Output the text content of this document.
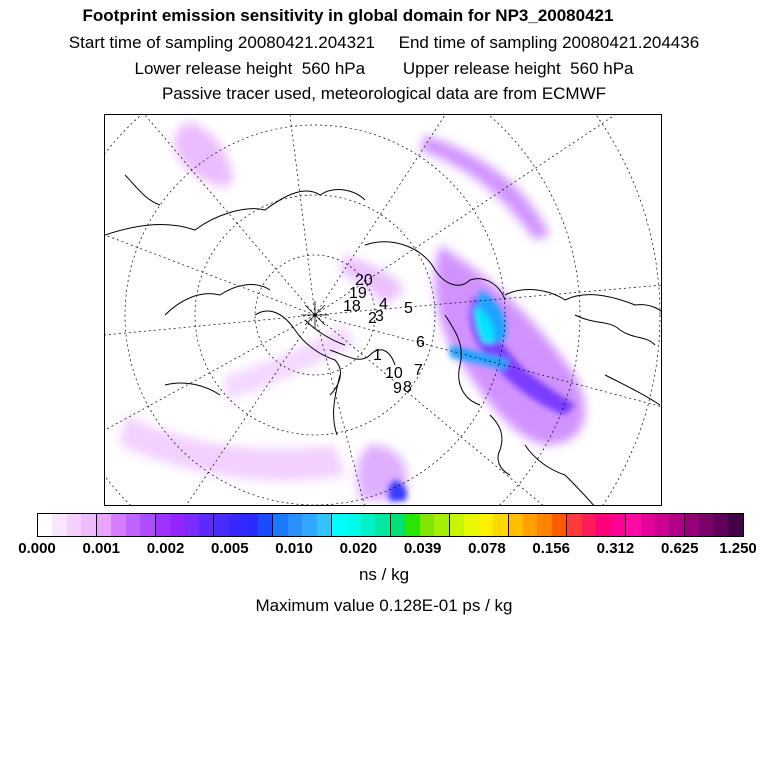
Footprint emission sensitivity in global domain for NP3_20080421
Start time of sampling 20080421.204321     End time of sampling 20080421.204436
Lower release height  560 hPa        Upper release height  560 hPa
Passive tracer used, meteorological data are from ECMWF
20
19
18 4 5
2
3
6
1
10 7
9 8
0.000 0.001 0.002 0.005 0.010 0.020 0.039 0.078 0.156 0.312 0.625 1.250
ns / kg
Maximum value 0.128E-01 ps / kg
